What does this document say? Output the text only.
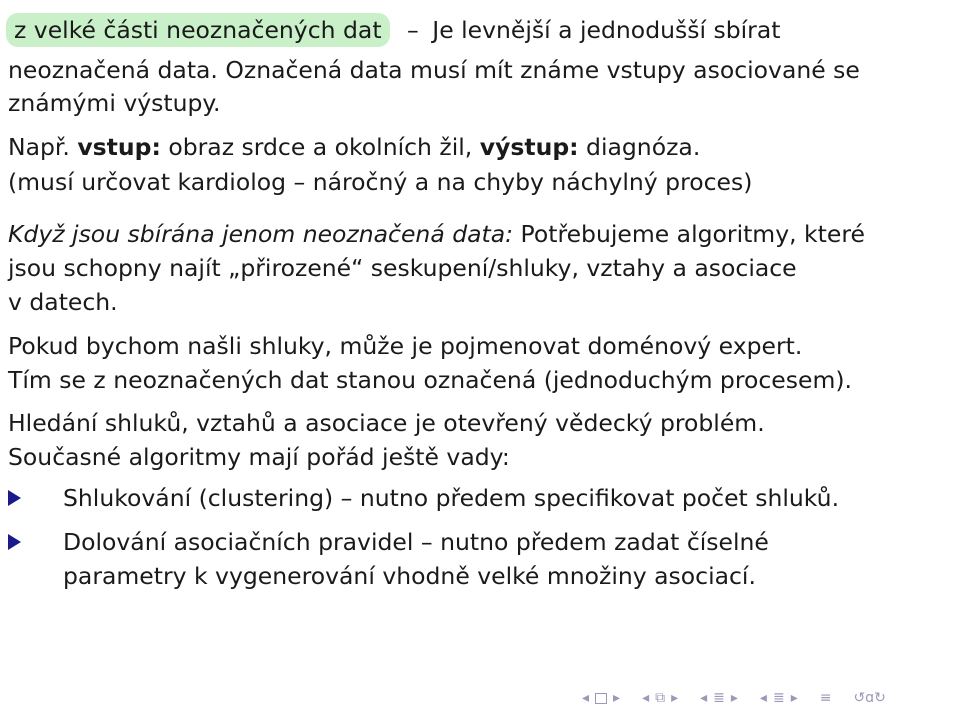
z velké části neoznačených dat – Je levnější a jednodušší sbírat
neoznačená data. Označená data musí mít známe vstupy asociované se
známými výstupy.
Např. vstup: obraz srdce a okolních žil, výstup: diagnóza.
(musí určovat kardiolog – náročný a na chyby náchylný proces)
Když jsou sbírána jenom neoznačená data: Potřebujeme algoritmy, které
jsou schopny najít „přirozené“ seskupení/shluky, vztahy a asociace
v datech.
Pokud bychom našli shluky, může je pojmenovat doménový expert.
Tím se z neoznačených dat stanou označená (jednoduchým procesem).
Hledání shluků, vztahů a asociace je otevřený vědecký problém.
Současné algoritmy mají pořád ještě vady:
Shlukování (clustering) – nutno předem specifikovat počet shluků.
Dolování asociačních pravidel – nutno předem zadat číselné
parametry k vygenerování vhodně velké množiny asociací.
◂ ▸ ◂ ⧉ ▸ ◂ ≣ ▸ ◂ ≣ ▸ ≡ ↺ɑ↻
